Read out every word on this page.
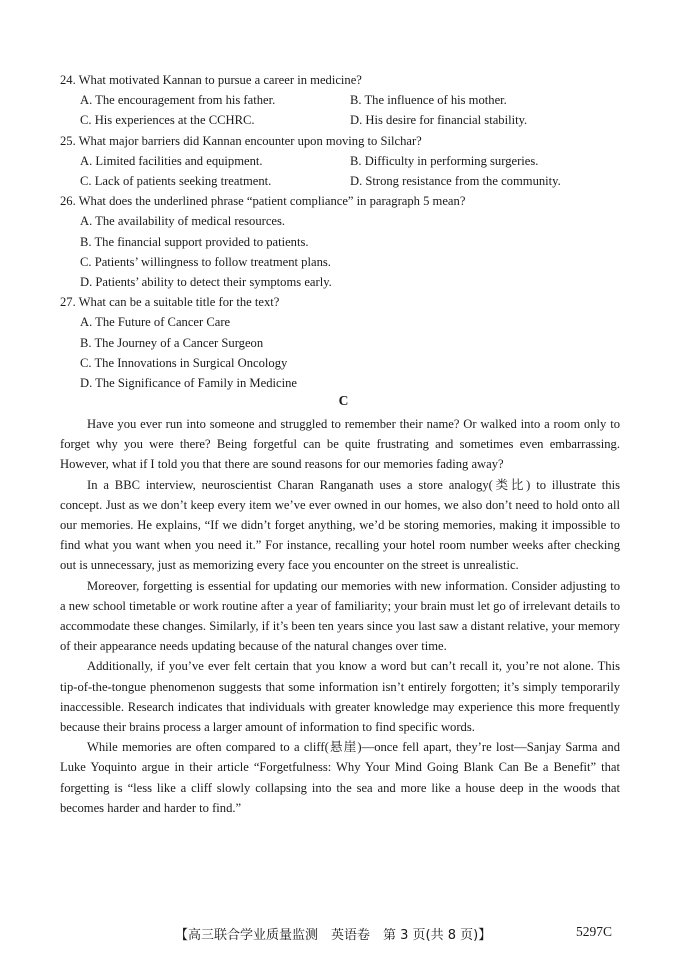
24. What motivated Kannan to pursue a career in medicine?

A. The encouragement from his father.	B. The influence of his mother.
C. His experiences at the CCHRC.	D. His desire for financial stability.

25. What major barriers did Kannan encounter upon moving to Silchar?

A. Limited facilities and equipment.	B. Difficulty in performing surgeries.
C. Lack of patients seeking treatment.	D. Strong resistance from the community.

26. What does the underlined phrase “patient compliance” in paragraph 5 mean?

A. The availability of medical resources.
B. The financial support provided to patients.
C. Patients’ willingness to follow treatment plans.
D. Patients’ ability to detect their symptoms early.

27. What can be a suitable title for the text?

A. The Future of Cancer Care
B. The Journey of a Cancer Surgeon
C. The Innovations in Surgical Oncology
D. The Significance of Family in Medicine
C

Have you ever run into someone and struggled to remember their name? Or walked into a room only to forget why you were there? Being forgetful can be quite frustrating and sometimes even embarrassing. However, what if I told you that there are sound reasons for our memories fading away?

In a BBC interview, neuroscientist Charan Ranganath uses a store analogy(类比) to illustrate this concept. Just as we don’t keep every item we’ve ever owned in our homes, we also don’t need to hold onto all our memories. He explains, “If we didn’t forget anything, we’d be storing memories, making it impossible to find what you want when you need it.” For instance, recalling your hotel room number weeks after checking out is unnecessary, just as memorizing every face you encounter on the street is unrealistic.

Moreover, forgetting is essential for updating our memories with new information. Consider adjusting to a new school timetable or work routine after a year of familiarity; your brain must let go of irrelevant details to accommodate these changes. Similarly, if it’s been ten years since you last saw a distant relative, your memory of their appearance needs updating because of the natural changes over time.

Additionally, if you’ve ever felt certain that you know a word but can’t recall it, you’re not alone. This tip-of-the-tongue phenomenon suggests that some information isn’t entirely forgotten; it’s simply temporarily inaccessible. Research indicates that individuals with greater knowledge may experience this more frequently because their brains process a larger amount of information to find specific words.

While memories are often compared to a cliff(悬崖)—once fell apart, they’re lost—Sanjay Sarma and Luke Yoquinto argue in their article “Forgetfulness: Why Your Mind Going Blank Can Be a Benefit” that forgetting is “less like a cliff slowly collapsing into the sea and more like a house deep in the woods that becomes harder and harder to find.”

【高三联合学业质量监测　英语卷　第 3 页(共 8 页)】	5297C
